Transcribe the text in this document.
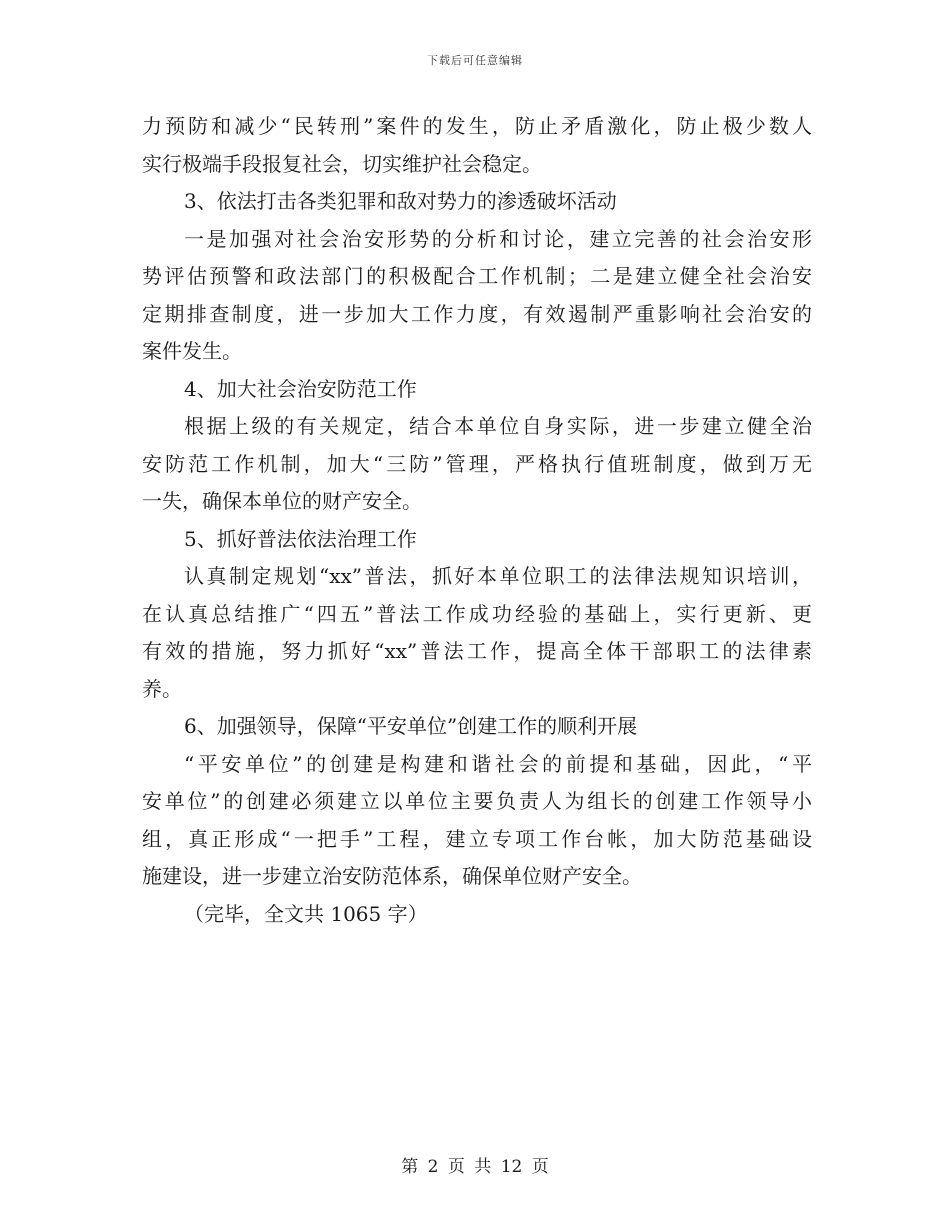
下载后可任意编辑
力预防和减少“民转刑”案件的发生，防止矛盾激化，防止极少数人
实行极端手段报复社会，切实维护社会稳定。
3、依法打击各类犯罪和敌对势力的渗透破坏活动
一是加强对社会治安形势的分析和讨论，建立完善的社会治安形
势评估预警和政法部门的积极配合工作机制；二是建立健全社会治安
定期排查制度，进一步加大工作力度，有效遏制严重影响社会治安的
案件发生。
4、加大社会治安防范工作
根据上级的有关规定，结合本单位自身实际，进一步建立健全治
安防范工作机制，加大“三防”管理，严格执行值班制度，做到万无
一失，确保本单位的财产安全。
5、抓好普法依法治理工作
认真制定规划“xx”普法，抓好本单位职工的法律法规知识培训，
在认真总结推广“四五”普法工作成功经验的基础上，实行更新、更
有效的措施，努力抓好“xx”普法工作，提高全体干部职工的法律素
养。
6、加强领导，保障“平安单位”创建工作的顺利开展
“平安单位”的创建是构建和谐社会的前提和基础，因此，“平
安单位”的创建必须建立以单位主要负责人为组长的创建工作领导小
组，真正形成“一把手”工程，建立专项工作台帐，加大防范基础设
施建设，进一步建立治安防范体系，确保单位财产安全。
（完毕，全文共 1065 字）
第 2 页 共 12 页
